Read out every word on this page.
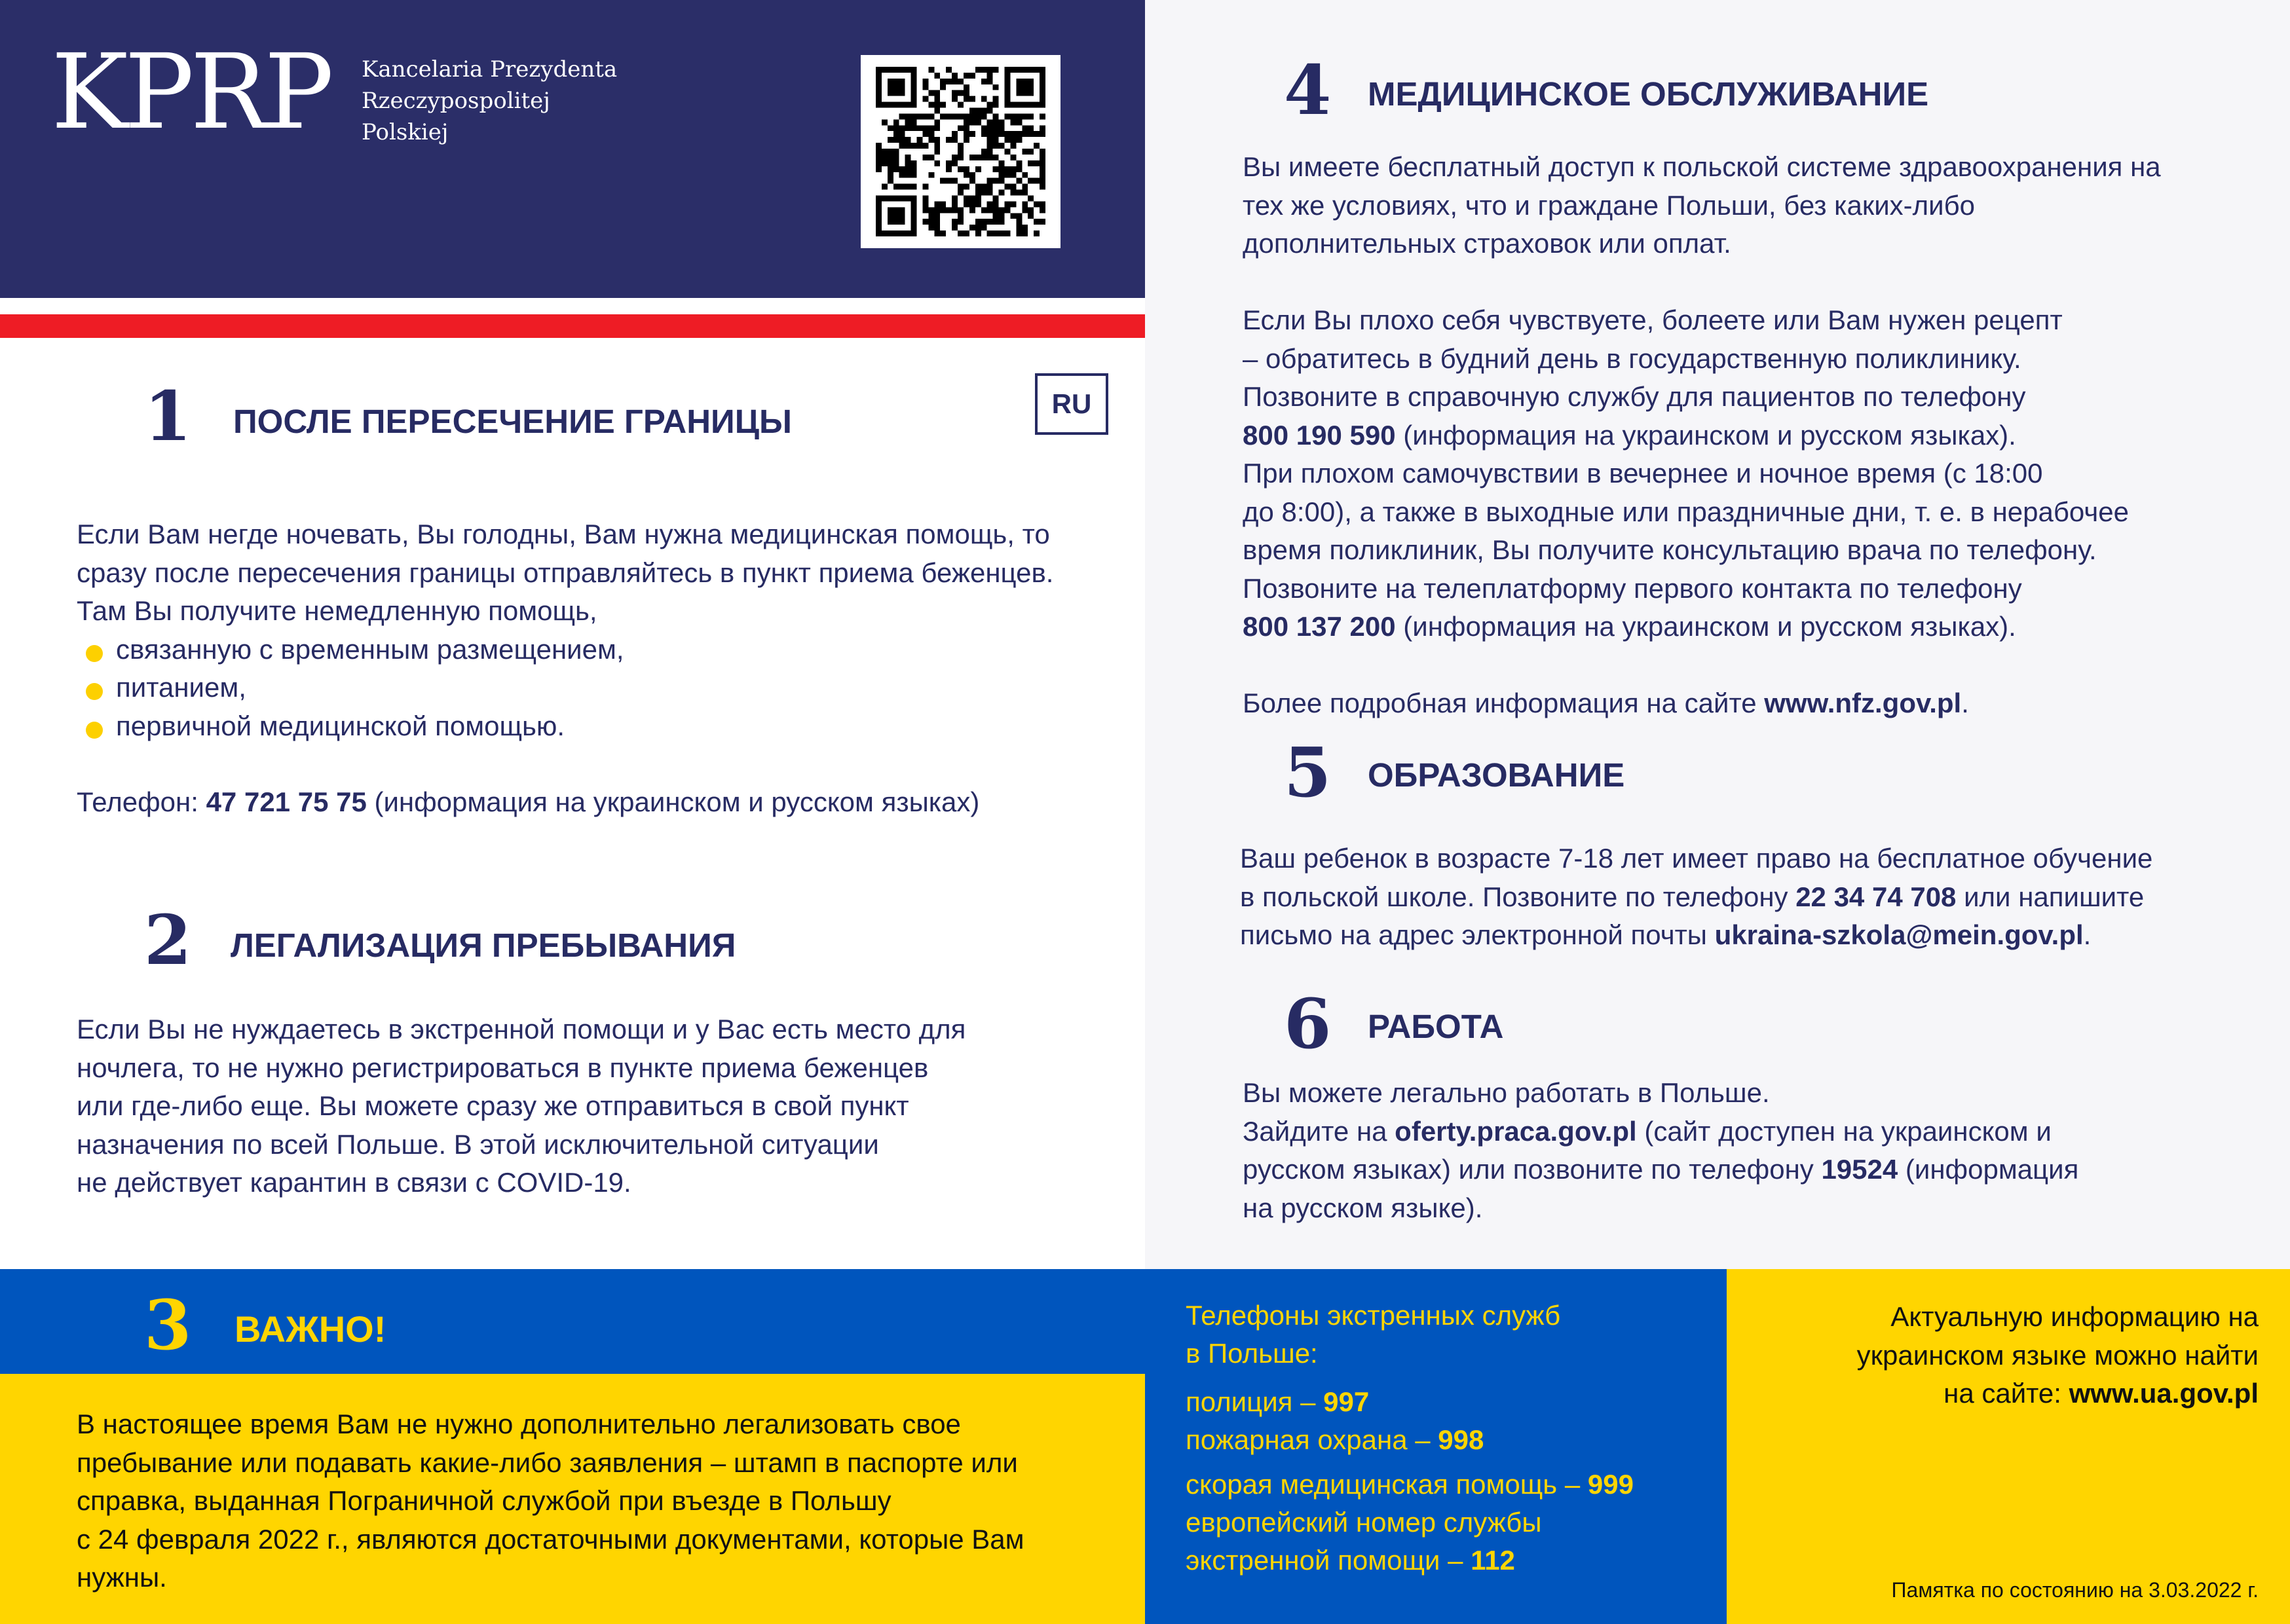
KPRP Kancelaria Prezydenta
Rzeczypospolitej
Polskiej
1 ПОСЛЕ ПЕРЕСЕЧЕНИЕ ГРАНИЦЫ	RU
Если Вам негде ночевать, Вы голодны, Вам нужна медицинская помощь, то сразу после пересечения границы отправляйтесь в пункт приема беженцев. Там Вы получите немедленную помощь,
связанную с временным размещением,
питанием,
первичной медицинской помощью.
Телефон: 47 721 75 75 (информация на украинском и русском языках)
2 ЛЕГАЛИЗАЦИЯ ПРЕБЫВАНИЯ
Если Вы не нуждаетесь в экстренной помощи и у Вас есть место для
ночлега, то не нужно регистрироваться в пункте приема беженцев
или где-либо еще. Вы можете сразу же отправиться в свой пункт
назначения по всей Польше. В этой исключительной ситуации
не действует карантин в связи с COVID-19.
3 ВАЖНО!
В настоящее время Вам не нужно дополнительно легализовать свое
пребывание или подавать какие-либо заявления – штамп в паспорте или
справка, выданная Пограничной службой при въезде в Польшу
с 24 февраля 2022 г., являются достаточными документами, которые Вам
нужны.
4 МЕДИЦИНСКОЕ ОБСЛУЖИВАНИЕ
Вы имеете бесплатный доступ к польской системе здравоохранения на
тех же условиях, что и граждане Польши, без каких-либо
дополнительных страховок или оплат.
Если Вы плохо себя чувствуете, болеете или Вам нужен рецепт
– обратитесь в будний день в государственную поликлинику.
Позвоните в справочную службу для пациентов по телефону
800 190 590 (информация на украинском и русском языках).
При плохом самочувствии в вечернее и ночное время (с 18:00
до 8:00), а также в выходные или праздничные дни, т. е. в нерабочее
время поликлиник, Вы получите консультацию врача по телефону.
Позвоните на телеплатформу первого контакта по телефону
800 137 200 (информация на украинском и русском языках).
Более подробная информация на сайте www.nfz.gov.pl.
5 ОБРАЗОВАНИЕ
Ваш ребенок в возрасте 7-18 лет имеет право на бесплатное обучение
в польской школе. Позвоните по телефону 22 34 74 708 или напишите
письмо на адрес электронной почты ukraina-szkola@mein.gov.pl.
6 РАБОТА
Вы можете легально работать в Польше.
Зайдите на oferty.praca.gov.pl (сайт доступен на украинском и
русском языках) или позвоните по телефону 19524 (информация
на русском языке).
Телефоны экстренных служб
в Польше:
полиция – 997
пожарная охрана – 998
скорая медицинская помощь – 999
европейский номер службы
экстренной помощи – 112
Актуальную информацию на
украинском языке можно найти
на сайте: www.ua.gov.pl
Памятка по состоянию на 3.03.2022 г.
